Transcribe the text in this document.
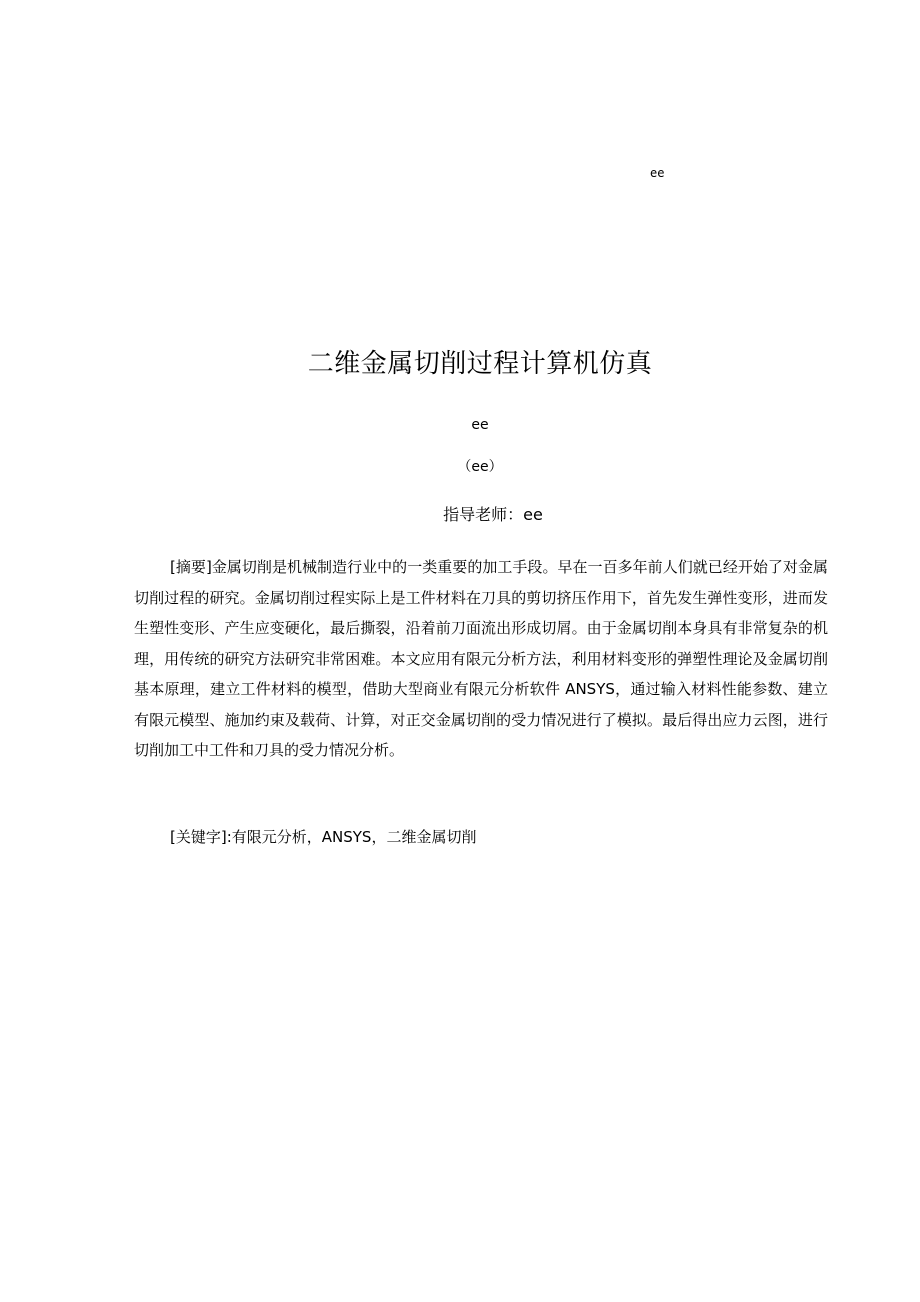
ee
二维金属切削过程计算机仿真
ee
（ee）
指导老师：ee

[摘要]金属切削是机械制造行业中的一类重要的加工手段。早在一百多年前人们就已经开始了对金属切削过程的研究。金属切削过程实际上是工件材料在刀具的剪切挤压作用下，首先发生弹性变形，进而发生塑性变形、产生应变硬化，最后撕裂，沿着前刀面流出形成切屑。由于金属切削本身具有非常复杂的机理，用传统的研究方法研究非常困难。本文应用有限元分析方法，利用材料变形的弹塑性理论及金属切削基本原理，建立工件材料的模型，借助大型商业有限元分析软件 ANSYS，通过输入材料性能参数、建立有限元模型、施加约束及载荷、计算，对正交金属切削的受力情况进行了模拟。最后得出应力云图，进行切削加工中工件和刀具的受力情况分析。

[关键字]:有限元分析，ANSYS，二维金属切削
